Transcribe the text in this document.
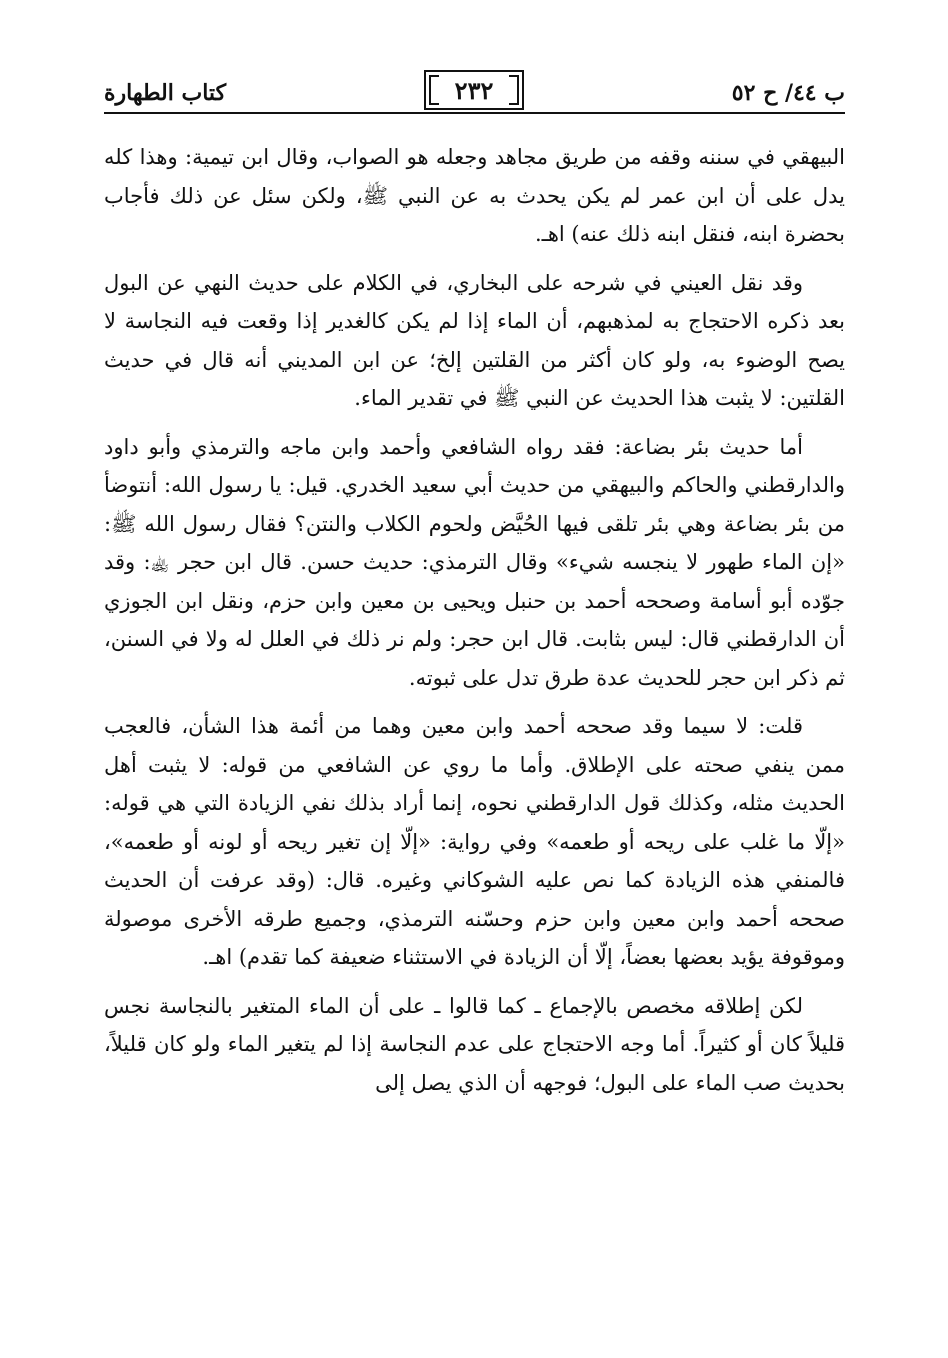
ب ٤٤/ ح ٥٢
٢٣٢
كتاب الطهارة

البيهقي في سننه وقفه من طريق مجاهد وجعله هو الصواب، وقال ابن تيمية: وهذا كله يدل على أن ابن عمر لم يكن يحدث به عن النبي ﷺ، ولكن سئل عن ذلك فأجاب بحضرة ابنه، فنقل ابنه ذلك عنه) اهـ.

وقد نقل العيني في شرحه على البخاري، في الكلام على حديث النهي عن البول بعد ذكره الاحتجاج به لمذهبهم، أن الماء إذا لم يكن كالغدير إذا وقعت فيه النجاسة لا يصح الوضوء به، ولو كان أكثر من القلتين إلخ؛ عن ابن المديني أنه قال في حديث القلتين: لا يثبت هذا الحديث عن النبي ﷺ في تقدير الماء.

أما حديث بئر بضاعة: فقد رواه الشافعي وأحمد وابن ماجه والترمذي وأبو داود والدارقطني والحاكم والبيهقي من حديث أبي سعيد الخدري. قيل: يا رسول الله: أنتوضأ من بئر بضاعة وهي بئر تلقى فيها الحُيَّض ولحوم الكلاب والنتن؟ فقال رسول الله ﷺ: «إن الماء طهور لا ينجسه شيء» وقال الترمذي: حديث حسن. قال ابن حجر ﵀: وقد جوّده أبو أسامة وصححه أحمد بن حنبل ويحيى بن معين وابن حزم، ونقل ابن الجوزي أن الدارقطني قال: ليس بثابت. قال ابن حجر: ولم نر ذلك في العلل له ولا في السنن، ثم ذكر ابن حجر للحديث عدة طرق تدل على ثبوته.

قلت: لا سيما وقد صححه أحمد وابن معين وهما من أئمة هذا الشأن، فالعجب ممن ينفي صحته على الإطلاق. وأما ما روي عن الشافعي من قوله: لا يثبت أهل الحديث مثله، وكذلك قول الدارقطني نحوه، إنما أراد بذلك نفي الزيادة التي هي قوله: «إلّا ما غلب على ريحه أو طعمه» وفي رواية: «إلّا إن تغير ريحه أو لونه أو طعمه»، فالمنفي هذه الزيادة كما نص عليه الشوكاني وغيره. قال: (وقد عرفت أن الحديث صححه أحمد وابن معين وابن حزم وحسّنه الترمذي، وجميع طرقه الأخرى موصولة وموقوفة يؤيد بعضها بعضاً، إلّا أن الزيادة في الاستثناء ضعيفة كما تقدم) اهـ.

لكن إطلاقه مخصص بالإجماع ـ كما قالوا ـ على أن الماء المتغير بالنجاسة نجس قليلاً كان أو كثيراً. أما وجه الاحتجاج على عدم النجاسة إذا لم يتغير الماء ولو كان قليلاً، بحديث صب الماء على البول؛ فوجهه أن الذي يصل إلى
